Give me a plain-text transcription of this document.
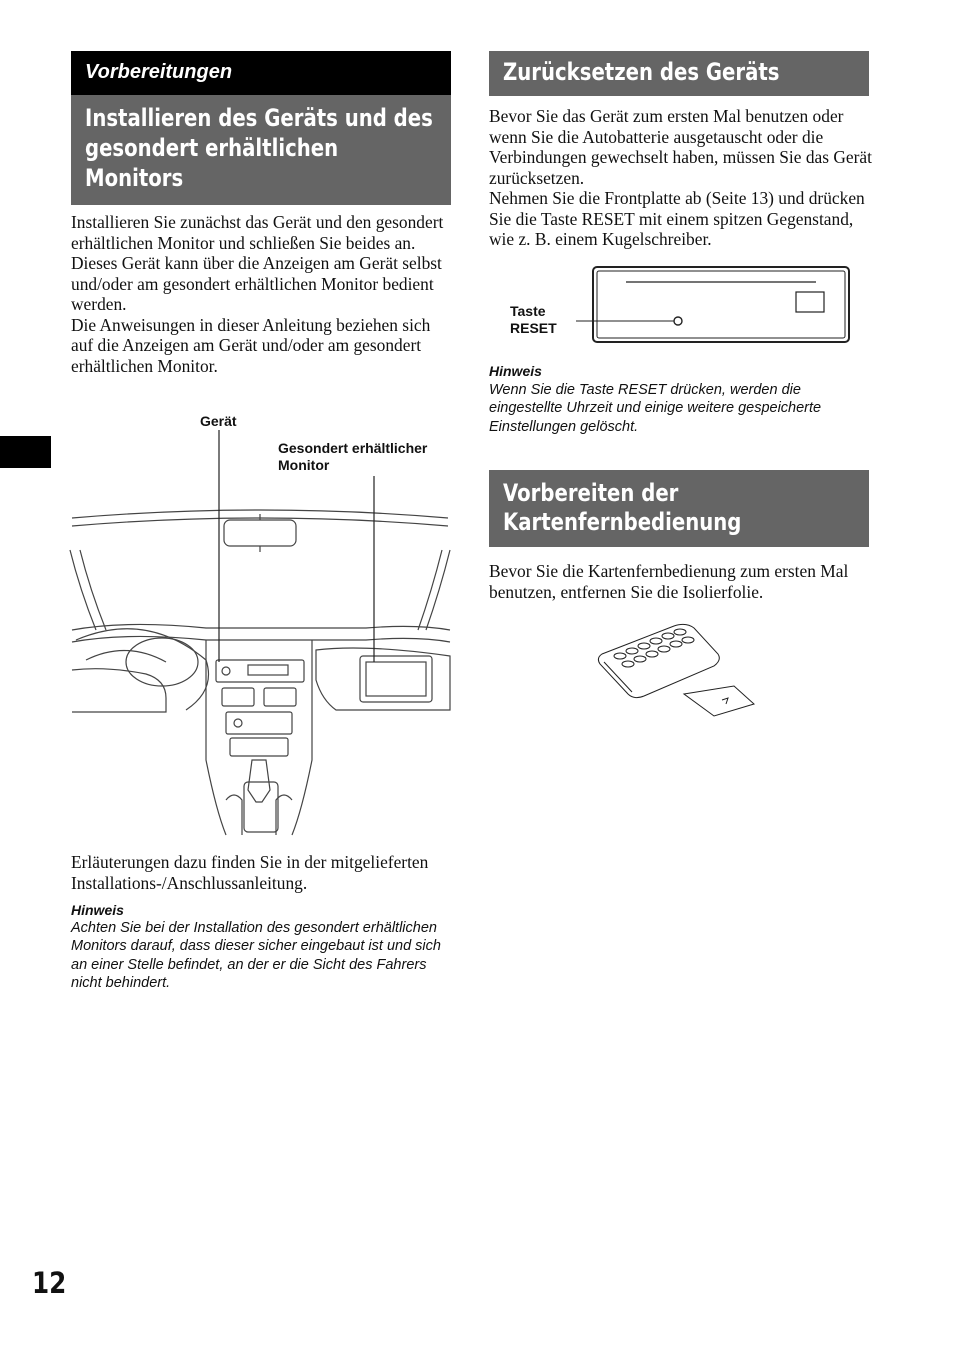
Vorbereitungen
Installieren des Geräts und des
gesondert erhältlichen
Monitors

Installieren Sie zunächst das Gerät und den gesondert erhältlichen Monitor und schließen Sie beides an.

Dieses Gerät kann über die Anzeigen am Gerät selbst und/oder am gesondert erhältlichen Monitor bedient werden.

Die Anweisungen in dieser Anleitung beziehen sich auf die Anzeigen am Gerät und/oder am gesondert erhältlichen Monitor.

Gerät
Gesondert erhältlicher
Monitor
Erläuterungen dazu finden Sie in der mitgelieferten Installations-/Anschlussanleitung.
Hinweis
Achten Sie bei der Installation des gesondert erhältlichen Monitors darauf, dass dieser sicher eingebaut ist und sich an einer Stelle befindet, an der er die Sicht des Fahrers nicht behindert.
12
Zurücksetzen des Geräts

Bevor Sie das Gerät zum ersten Mal benutzen oder wenn Sie die Autobatterie ausgetauscht oder die Verbindungen gewechselt haben, müssen Sie das Gerät zurücksetzen.

Nehmen Sie die Frontplatte ab (Seite 13) und drücken Sie die Taste RESET mit einem spitzen Gegenstand, wie z. B. einem Kugelschreiber.

Taste
RESET
Hinweis
Wenn Sie die Taste RESET drücken, werden die eingestellte Uhrzeit und einige weitere gespeicherte Einstellungen gelöscht.
Vorbereiten der
Kartenfernbedienung
Bevor Sie die Kartenfernbedienung zum ersten Mal benutzen, entfernen Sie die Isolierfolie.
